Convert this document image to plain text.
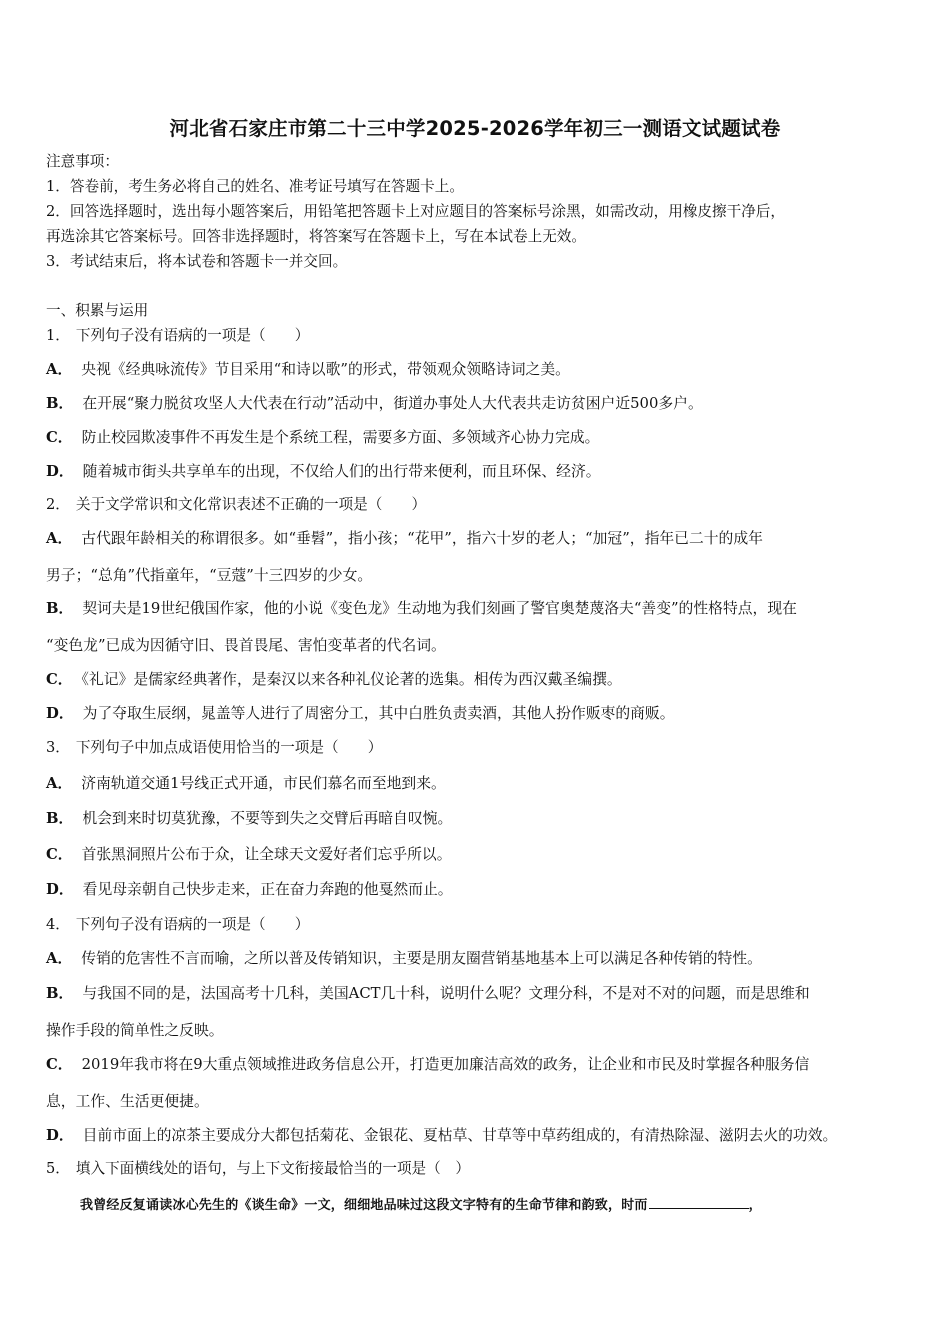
河北省石家庄市第二十三中学2025-2026学年初三一测语文试题试卷
注意事项：
1．答卷前，考生务必将自己的姓名、准考证号填写在答题卡上。
2．回答选择题时，选出每小题答案后，用铅笔把答题卡上对应题目的答案标号涂黑，如需改动，用橡皮擦干净后，
再选涂其它答案标号。回答非选择题时，将答案写在答题卡上，写在本试卷上无效。
3．考试结束后，将本试卷和答题卡一并交回。
一、积累与运用
1． 下列句子没有语病的一项是（　　）
A． 央视《经典咏流传》节目采用“和诗以歌”的形式，带领观众领略诗词之美。
B． 在开展“聚力脱贫攻坚人大代表在行动”活动中，街道办事处人大代表共走访贫困户近500多户。
C． 防止校园欺凌事件不再发生是个系统工程，需要多方面、多领域齐心协力完成。
D． 随着城市街头共享单车的出现，不仅给人们的出行带来便利，而且环保、经济。
2． 关于文学常识和文化常识表述不正确的一项是（　　）
A． 古代跟年龄相关的称谓很多。如“垂髫”，指小孩；“花甲”，指六十岁的老人；“加冠”，指年已二十的成年
男子；“总角”代指童年，“豆蔻”十三四岁的少女。
B． 契诃夫是19世纪俄国作家，他的小说《变色龙》生动地为我们刻画了警官奥楚蔑洛夫“善变”的性格特点，现在
“变色龙”已成为因循守旧、畏首畏尾、害怕变革者的代名词。
C． 《礼记》是儒家经典著作，是秦汉以来各种礼仪论著的选集。相传为西汉戴圣编撰。
D． 为了夺取生辰纲，晁盖等人进行了周密分工，其中白胜负责卖酒，其他人扮作贩枣的商贩。
3． 下列句子中加点成语使用恰当的一项是（　　）
A． 济南轨道交通1号线正式开通，市民们慕名而至地到来。
B． 机会到来时切莫犹豫，不要等到失之交臂后再暗自叹惋。
C． 首张黑洞照片公布于众，让全球天文爱好者们忘乎所以。
D． 看见母亲朝自己快步走来，正在奋力奔跑的他戛然而止。
4． 下列句子没有语病的一项是（　　）
A． 传销的危害性不言而喻，之所以普及传销知识，主要是朋友圈营销基地基本上可以满足各种传销的特性。
B． 与我国不同的是，法国高考十几科，美国ACT几十科，说明什么呢？文理分科，不是对不对的问题，而是思维和
操作手段的简单性之反映。
C． 2019年我市将在9大重点领域推进政务信息公开，打造更加廉洁高效的政务，让企业和市民及时掌握各种服务信
息，工作、生活更便捷。
D． 目前市面上的凉茶主要成分大都包括菊花、金银花、夏枯草、甘草等中草药组成的，有清热除湿、滋阴去火的功效。
5． 填入下面横线处的语句，与上下文衔接最恰当的一项是（　）
我曾经反复诵读冰心先生的《谈生命》一文，细细地品味过这段文字特有的生命节律和韵致，时而	，
